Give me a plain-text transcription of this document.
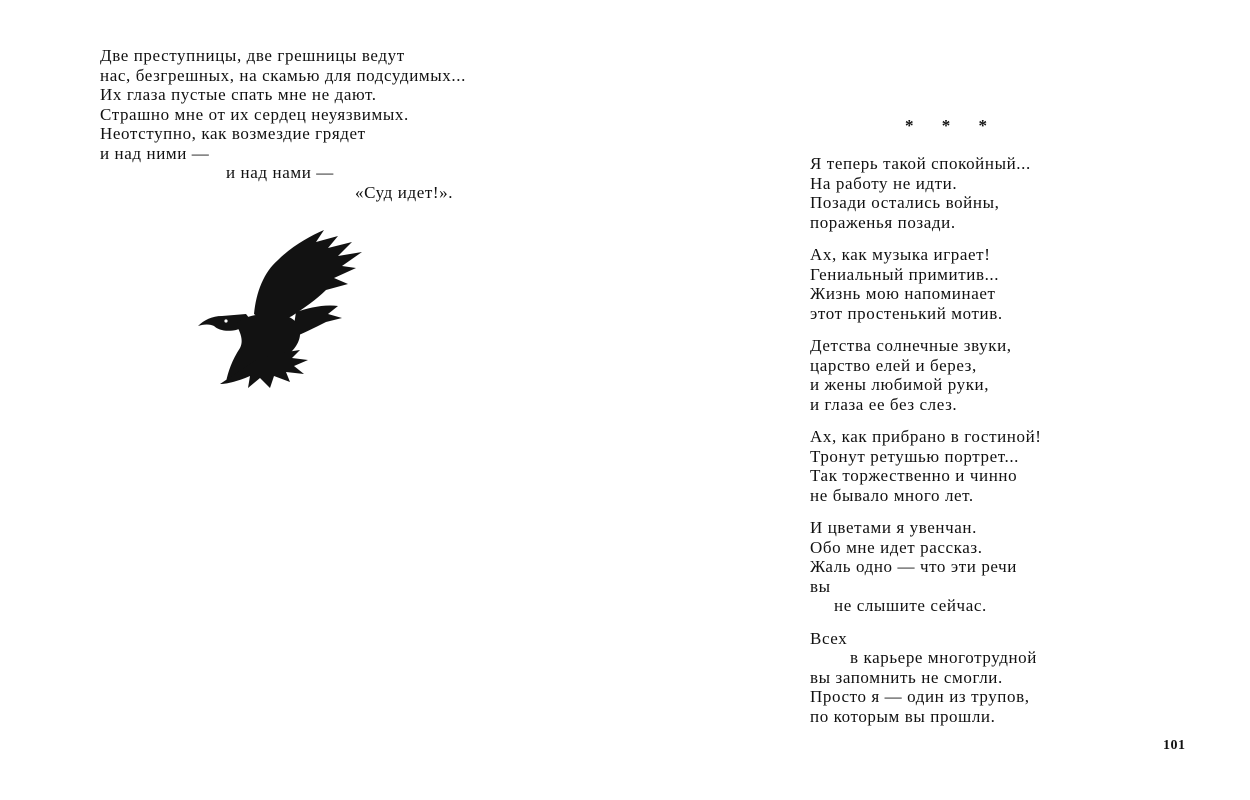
Две преступницы, две грешницы ведут
нас, безгрешных, на скамью для подсудимых...
Их глаза пустые спать мне не дают.
Страшно мне от их сердец неуязвимых.
Неотступно, как возмездие грядет
и над ними —
и над нами —
«Суд идет!».
* * *
Я теперь такой спокойный...
На работу не идти.
Позади остались войны,
пораженья позади.
Ах, как музыка играет!
Гениальный примитив...
Жизнь мою напоминает
этот простенький мотив.
Детства солнечные звуки,
царство елей и берез,
и жены любимой руки,
и глаза ее без слез.
Ах, как прибрано в гостиной!
Тронут ретушью портрет...
Так торжественно и чинно
не бывало много лет.
И цветами я увенчан.
Обо мне идет рассказ.
Жаль одно — что эти речи
вы
не слышите сейчас.
Всех
в карьере многотрудной
вы запомнить не смогли.
Просто я — один из трупов,
по которым вы прошли.
101
